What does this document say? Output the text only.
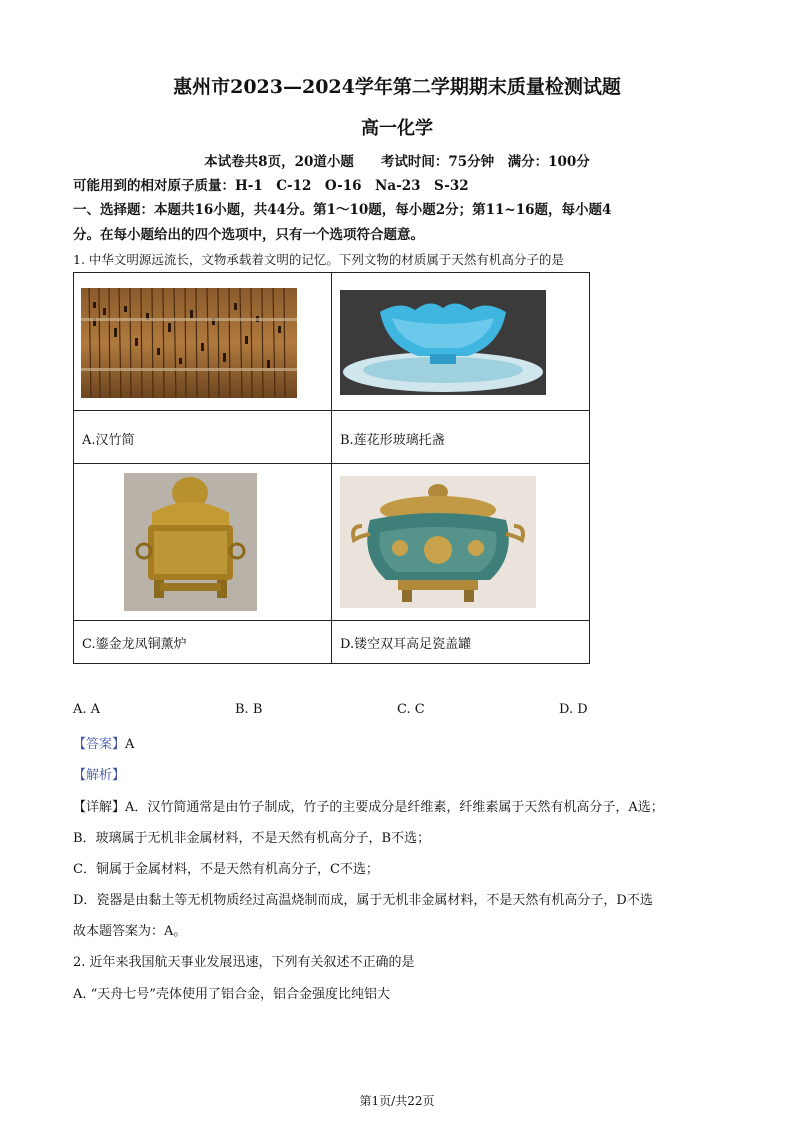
惠州市2023—2024学年第二学期期末质量检测试题
高一化学
本试卷共8页，20道小题　　考试时间：75分钟　满分：100分
可能用到的相对原子质量：H-1　C-12　O-16　Na-23　S-32
一、选择题：本题共16小题，共44分。第1～10题，每小题2分；第11~16题，每小题4
分。在每小题给出的四个选项中，只有一个选项符合题意。
1. 中华文明源远流长，文物承载着文明的记忆。下列文物的材质属于天然有机高分子的是

A.汉竹简	B.莲花形玻璃托盏

C.鎏金龙凤铜薰炉	D.镂空双耳高足瓷盖罐
A. A	B. B	C. C	D. D
【答案】A
【解析】
【详解】A．汉竹简通常是由竹子制成，竹子的主要成分是纤维素，纤维素属于天然有机高分子，A选；
B．玻璃属于无机非金属材料，不是天然有机高分子，B不选；
C．铜属于金属材料，不是天然有机高分子，C不选；
D．瓷器是由黏土等无机物质经过高温烧制而成，属于无机非金属材料，不是天然有机高分子，D不选
故本题答案为：A。
2. 近年来我国航天事业发展迅速，下列有关叙述不正确的是
A. “天舟七号”壳体使用了铝合金，铝合金强度比纯铝大
第1页/共22页
